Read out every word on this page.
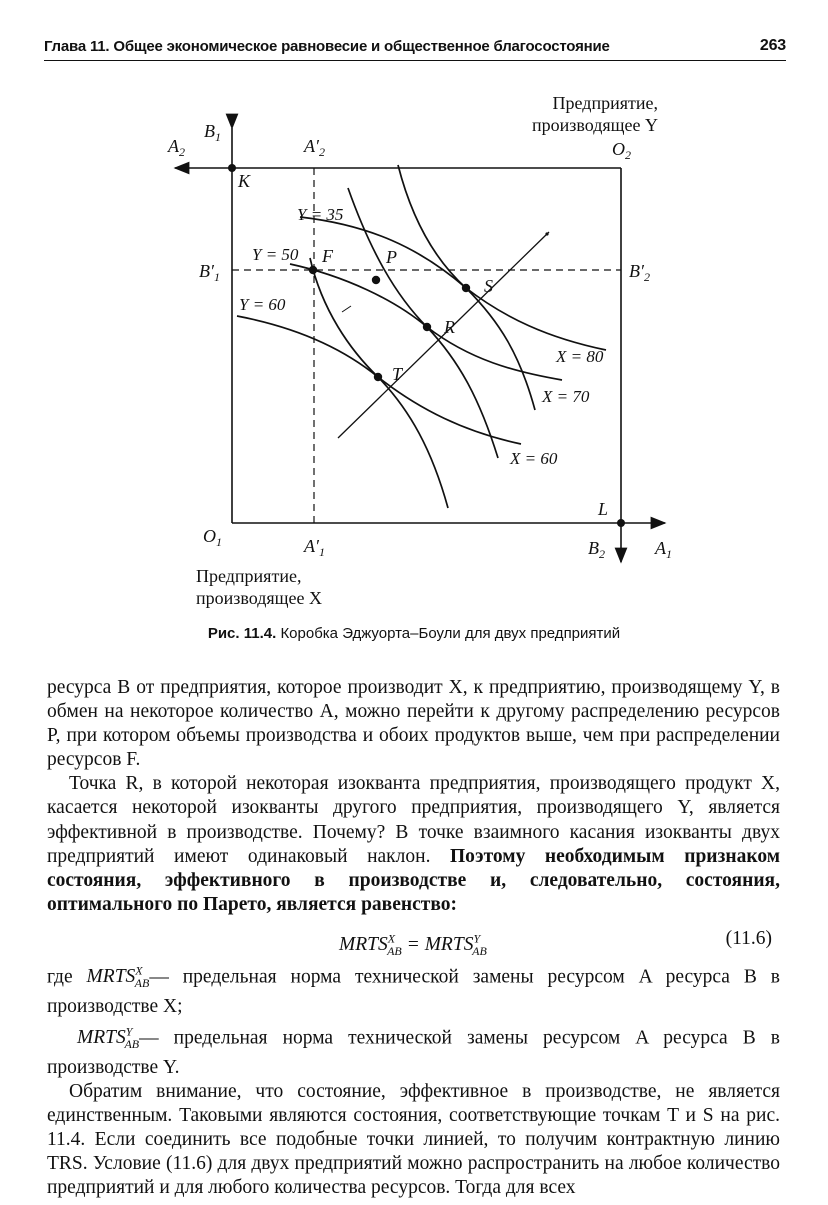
Глава 11. Общее экономическое равновесие и общественное благосостояние	263
$A_2$
$B_1$	$A'_2$	$O_2$
K
$B'_1$	$B'_2$
F	P
S
R
T
Y = 35
Y = 50
Y = 60
X = 80
X = 70
X = 60
$O_1$	$A'_1$	$B_2$	$A_1$
L
Предприятие,
производящее Y
Предприятие,
производящее X
Рис. 11.4. Коробка Эджуорта–Боули для двух предприятий

ресурса B от предприятия, которое производит X, к предприятию, производящему Y, в обмен на некоторое количество A, можно перейти к другому распределению ресурсов P, при котором объемы производства и обоих продуктов выше, чем при распределении ресурсов F.

Точка R, в которой некоторая изокванта предприятия, производящего продукт X, касается некоторой изокванты другого предприятия, производящего Y, является эффективной в производстве. Почему? В точке взаимного касания изокванты двух предприятий имеют одинаковый наклон. Поэтому необходимым признаком состояния, эффективного в производстве и, следовательно, состояния, оптимального по Парето, является равенство:

$MRTS^X_{AB}$ = $MRTS^Y_{AB}$
(11.6)

где $MRTS^X_{AB}—$ предельная норма технической замены ресурсом A ресурса B в производстве X;

$MRTS^Y_{AB}—$ предельная норма технической замены ресурсом A ресурса B в производстве Y.

Обратим внимание, что состояние, эффективное в производстве, не является единственным. Таковыми являются состояния, соответствующие точкам T и S на рис. 11.4. Если соединить все подобные точки линией, то получим контрактную линию TRS. Условие (11.6) для двух предприятий можно распространить на любое количество предприятий и для любого количества ресурсов. Тогда для всех
